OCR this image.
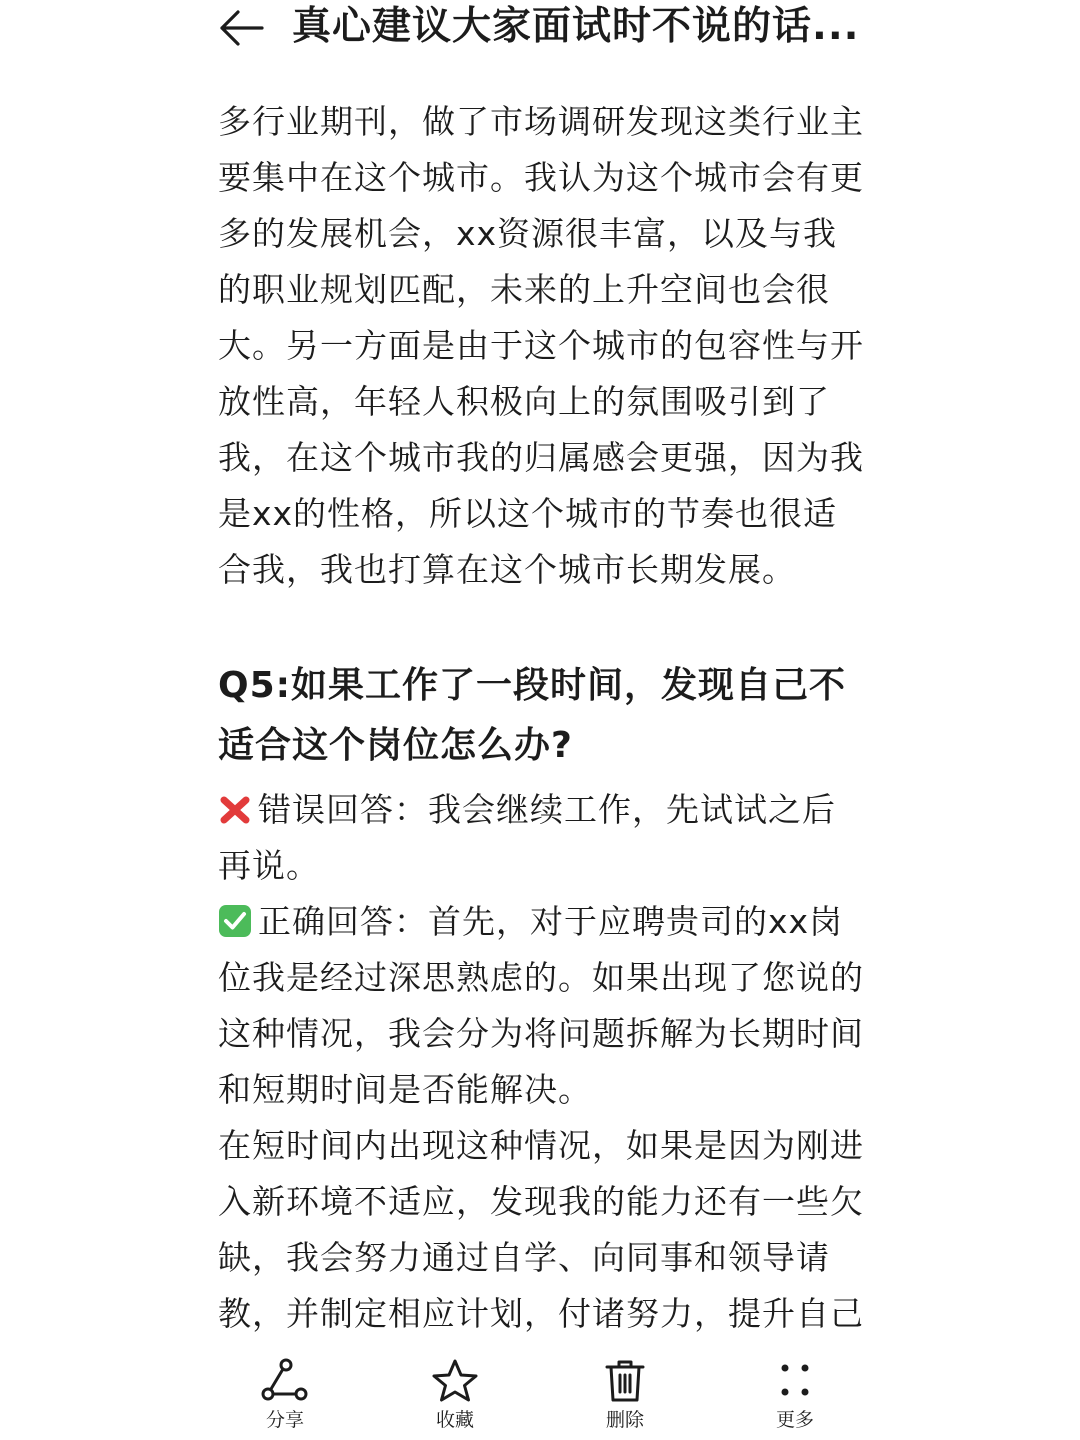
真心建议大家面试时不说的话...

多行业期刊，做了市场调研发现这类行业主要集中在这个城市。我认为这个城市会有更多的发展机会，xx资源很丰富，以及与我的职业规划匹配，未来的上升空间也会很大。另一方面是由于这个城市的包容性与开放性高，年轻人积极向上的氛围吸引到了我，在这个城市我的归属感会更强，因为我是xx的性格，所以这个城市的节奏也很适合我，我也打算在这个城市长期发展。

Q5:如果工作了一段时间，发现自己不适合这个岗位怎么办?

错误回答：我会继续工作，先试试之后再说。

正确回答：首先，对于应聘贵司的xx岗位我是经过深思熟虑的。如果出现了您说的这种情况，我会分为将问题拆解为长期时间和短期时间是否能解决。

在短时间内出现这种情况，如果是因为刚进入新环境不适应，发现我的能力还有一些欠缺，我会努力通过自学、向同事和领导请教，并制定相应计划，付诸努力，提升自己

分享	收藏	删除	更多
